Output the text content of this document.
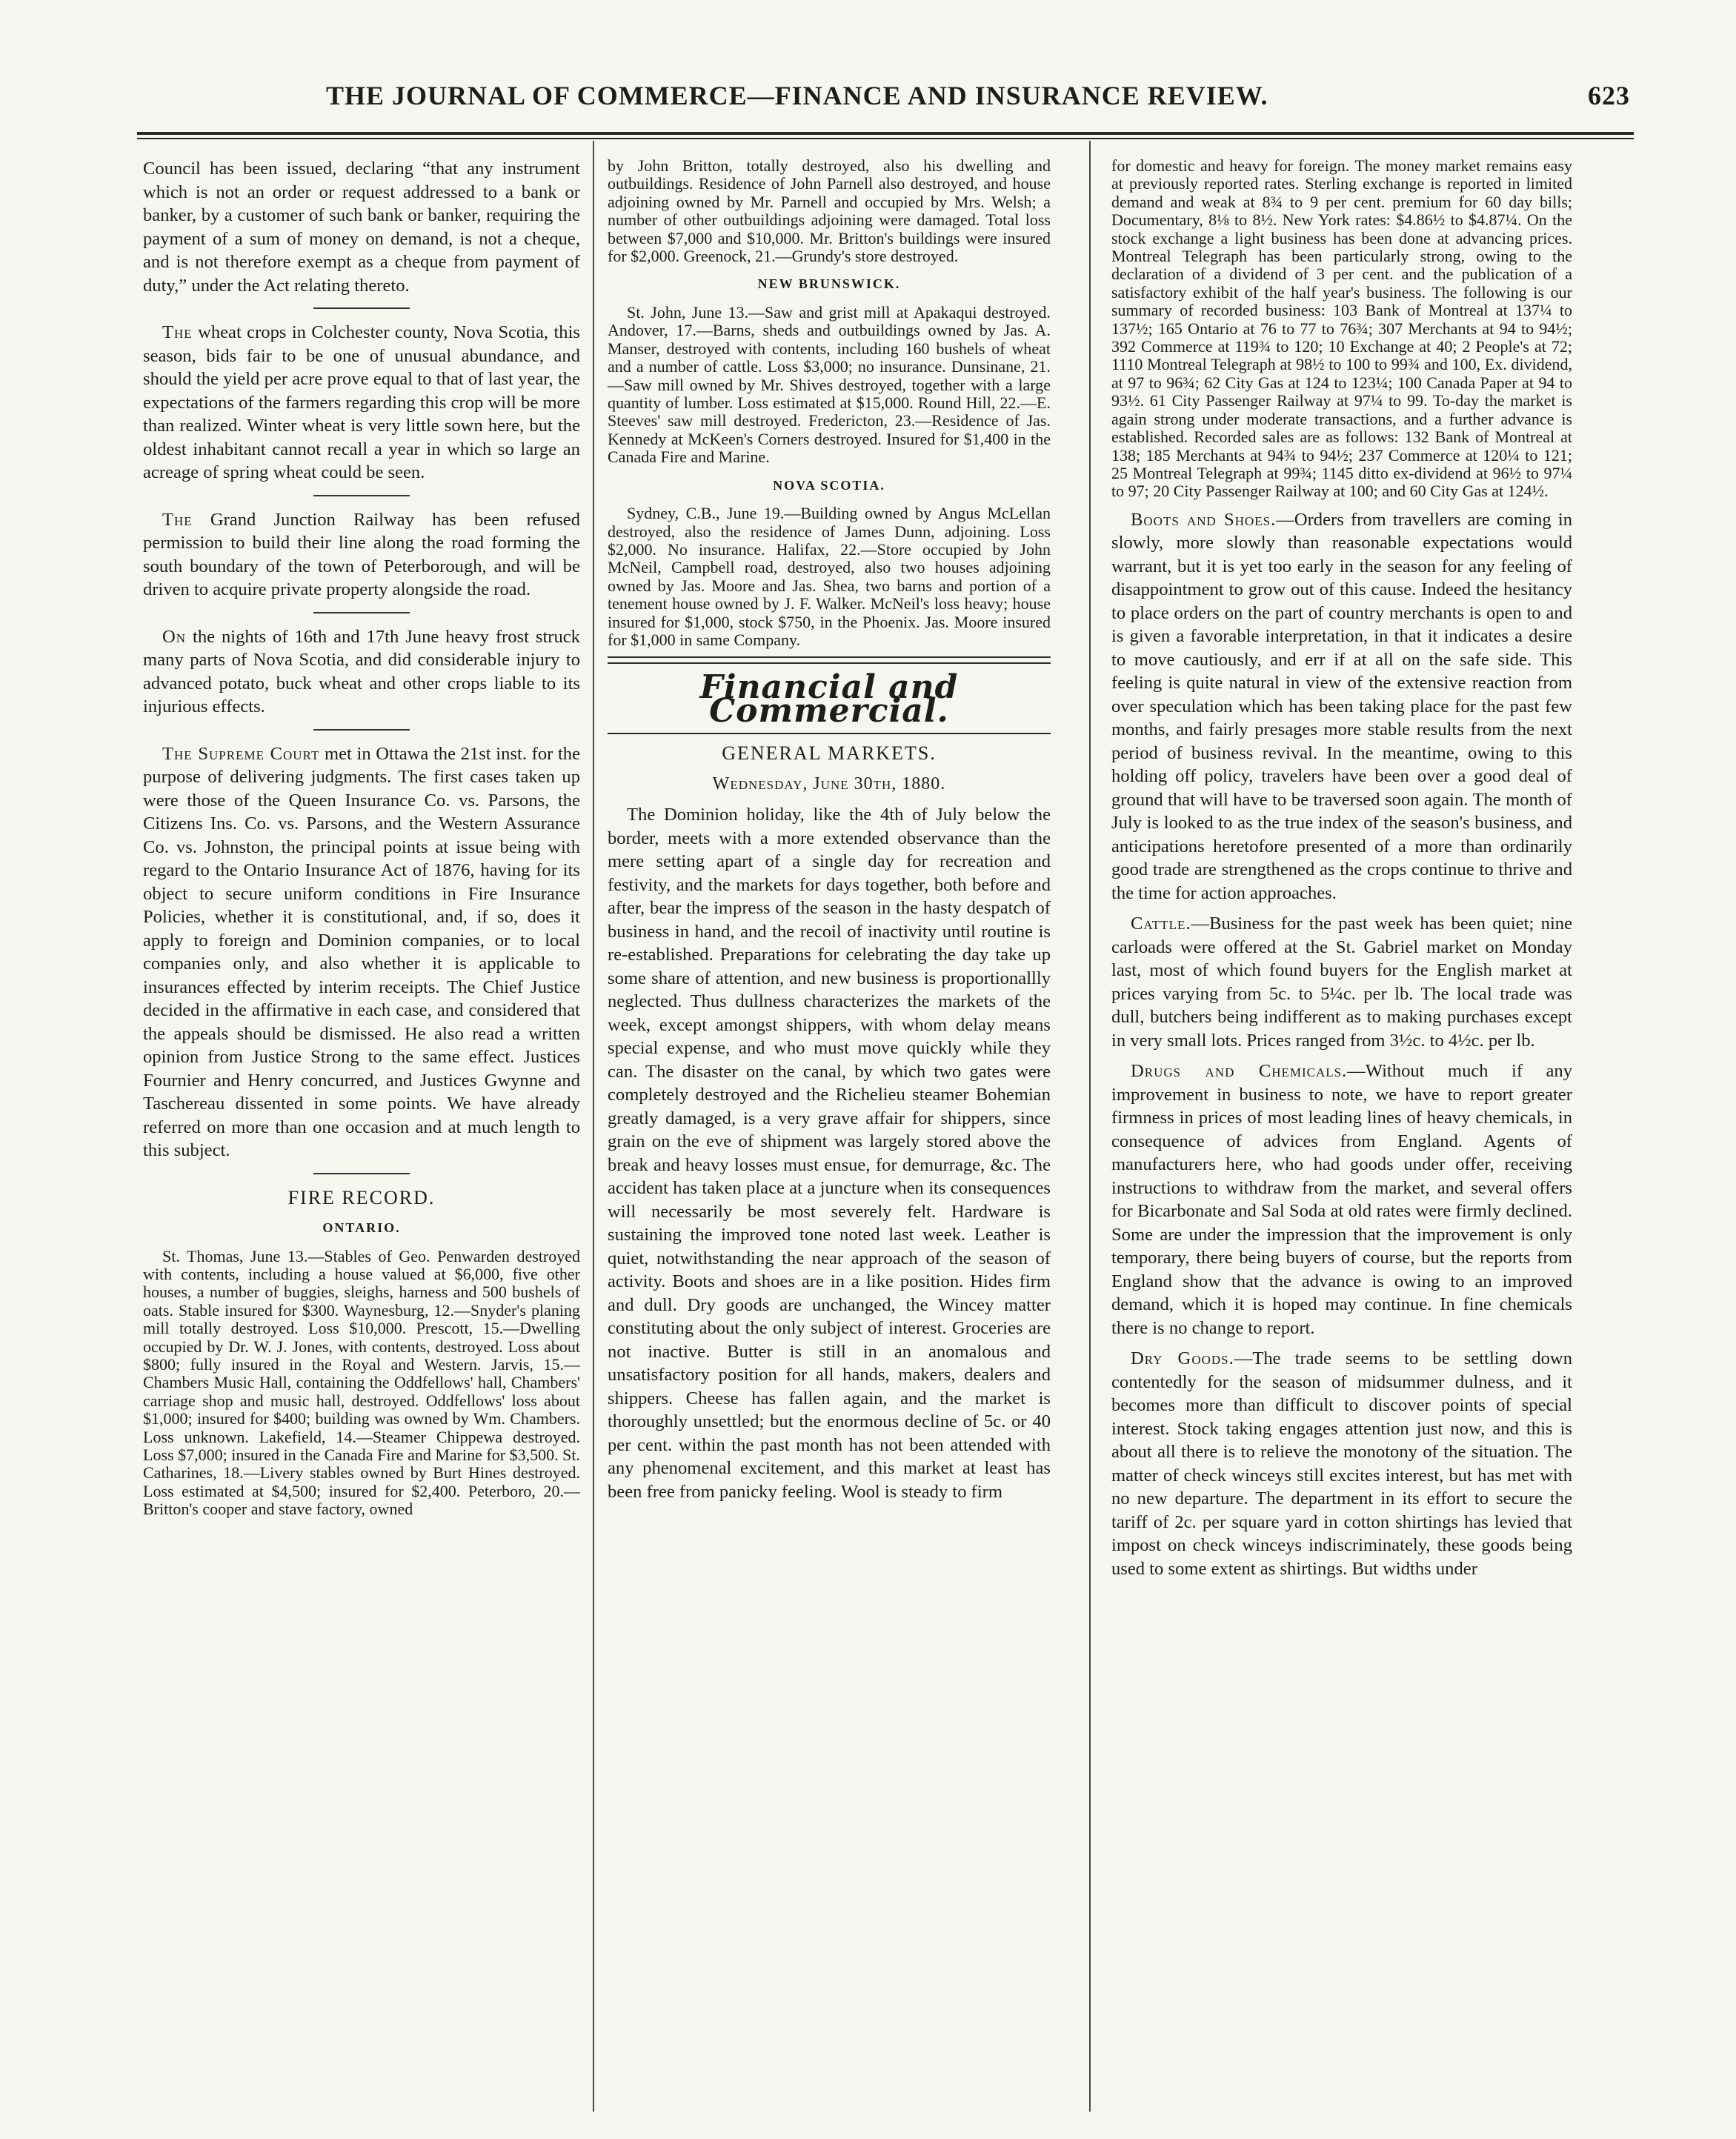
THE JOURNAL OF COMMERCE—FINANCE AND INSURANCE REVIEW.	623

Council has been issued, declaring “that any instrument which is not an order or request addressed to a bank or banker, by a customer of such bank or banker, requiring the payment of a sum of money on demand, is not a cheque, and is not therefore exempt as a cheque from payment of duty,” under the Act relating thereto.

The wheat crops in Colchester county, Nova Scotia, this season, bids fair to be one of unusual abundance, and should the yield per acre prove equal to that of last year, the expectations of the farmers regarding this crop will be more than realized. Winter wheat is very little sown here, but the oldest inhabitant cannot recall a year in which so large an acreage of spring wheat could be seen.

The Grand Junction Railway has been refused permission to build their line along the road forming the south boundary of the town of Peterborough, and will be driven to acquire private property alongside the road.

On the nights of 16th and 17th June heavy frost struck many parts of Nova Scotia, and did considerable injury to advanced potato, buck wheat and other crops liable to its injurious effects.

The Supreme Court met in Ottawa the 21st inst. for the purpose of delivering judgments. The first cases taken up were those of the Queen Insurance Co. vs. Parsons, the Citizens Ins. Co. vs. Parsons, and the Western Assurance Co. vs. Johnston, the principal points at issue being with regard to the Ontario Insurance Act of 1876, having for its object to secure uniform conditions in Fire Insurance Policies, whether it is constitutional, and, if so, does it apply to foreign and Dominion companies, or to local companies only, and also whether it is applicable to insurances effected by interim receipts. The Chief Justice decided in the affirmative in each case, and considered that the appeals should be dismissed. He also read a written opinion from Justice Strong to the same effect. Justices Fournier and Henry concurred, and Justices Gwynne and Taschereau dissented in some points. We have already referred on more than one occasion and at much length to this subject.

FIRE RECORD.
ONTARIO.

St. Thomas, June 13.—Stables of Geo. Penwarden destroyed with contents, including a house valued at $6,000, five other houses, a number of buggies, sleighs, harness and 500 bushels of oats. Stable insured for $300. Waynesburg, 12.—Snyder's planing mill totally destroyed. Loss $10,000. Prescott, 15.—Dwelling occupied by Dr. W. J. Jones, with contents, destroyed. Loss about $800; fully insured in the Royal and Western. Jarvis, 15.—Chambers Music Hall, containing the Oddfellows' hall, Chambers' carriage shop and music hall, destroyed. Oddfellows' loss about $1,000; insured for $400; building was owned by Wm. Chambers. Loss unknown. Lakefield, 14.—Steamer Chippewa destroyed. Loss $7,000; insured in the Canada Fire and Marine for $3,500. St. Catharines, 18.—Livery stables owned by Burt Hines destroyed. Loss estimated at $4,500; insured for $2,400. Peterboro, 20.—Britton's cooper and stave factory, owned

by John Britton, totally destroyed, also his dwelling and outbuildings. Residence of John Parnell also destroyed, and house adjoining owned by Mr. Parnell and occupied by Mrs. Welsh; a number of other outbuildings adjoining were damaged. Total loss between $7,000 and $10,000. Mr. Britton's buildings were insured for $2,000. Greenock, 21.—Grundy's store destroyed.

NEW BRUNSWICK.

St. John, June 13.—Saw and grist mill at Apakaqui destroyed. Andover, 17.—Barns, sheds and outbuildings owned by Jas. A. Manser, destroyed with contents, including 160 bushels of wheat and a number of cattle. Loss $3,000; no insurance. Dunsinane, 21.—Saw mill owned by Mr. Shives destroyed, together with a large quantity of lumber. Loss estimated at $15,000. Round Hill, 22.—E. Steeves' saw mill destroyed. Fredericton, 23.—Residence of Jas. Kennedy at McKeen's Corners destroyed. Insured for $1,400 in the Canada Fire and Marine.

NOVA SCOTIA.

Sydney, C.B., June 19.—Building owned by Angus McLellan destroyed, also the residence of James Dunn, adjoining. Loss $2,000. No insurance. Halifax, 22.—Store occupied by John McNeil, Campbell road, destroyed, also two houses adjoining owned by Jas. Moore and Jas. Shea, two barns and portion of a tenement house owned by J. F. Walker. McNeil's loss heavy; house insured for $1,000, stock $750, in the Phoenix. Jas. Moore insured for $1,000 in same Company.

Financial and Commercial.
GENERAL MARKETS.
Wednesday, June 30th, 1880.

The Dominion holiday, like the 4th of July below the border, meets with a more extended observance than the mere setting apart of a single day for recreation and festivity, and the markets for days together, both before and after, bear the impress of the season in the hasty despatch of business in hand, and the recoil of inactivity until routine is re-established. Preparations for celebrating the day take up some share of attention, and new business is proportionallly neglected. Thus dullness characterizes the markets of the week, except amongst shippers, with whom delay means special expense, and who must move quickly while they can. The disaster on the canal, by which two gates were completely destroyed and the Richelieu steamer Bohemian greatly damaged, is a very grave affair for shippers, since grain on the eve of shipment was largely stored above the break and heavy losses must ensue, for demurrage, &c. The accident has taken place at a juncture when its consequences will necessarily be most severely felt. Hardware is sustaining the improved tone noted last week. Leather is quiet, notwithstanding the near approach of the season of activity. Boots and shoes are in a like position. Hides firm and dull. Dry goods are unchanged, the Wincey matter constituting about the only subject of interest. Groceries are not inactive. Butter is still in an anomalous and unsatisfactory position for all hands, makers, dealers and shippers. Cheese has fallen again, and the market is thoroughly unsettled; but the enormous decline of 5c. or 40 per cent. within the past month has not been attended with any phenomenal excitement, and this market at least has been free from panicky feeling. Wool is steady to firm

for domestic and heavy for foreign. The money market remains easy at previously reported rates. Sterling exchange is reported in limited demand and weak at 8¾ to 9 per cent. premium for 60 day bills; Documentary, 8⅛ to 8½. New York rates: $4.86½ to $4.87¼. On the stock exchange a light business has been done at advancing prices. Montreal Telegraph has been particularly strong, owing to the declaration of a dividend of 3 per cent. and the publication of a satisfactory exhibit of the half year's business. The following is our summary of recorded business: 103 Bank of Montreal at 137¼ to 137½; 165 Ontario at 76 to 77 to 76¾; 307 Merchants at 94 to 94½; 392 Commerce at 119¾ to 120; 10 Exchange at 40; 2 People's at 72; 1110 Montreal Telegraph at 98½ to 100 to 99¾ and 100, Ex. dividend, at 97 to 96¾; 62 City Gas at 124 to 123¼; 100 Canada Paper at 94 to 93½. 61 City Passenger Railway at 97¼ to 99. To-day the market is again strong under moderate transactions, and a further advance is established. Recorded sales are as follows: 132 Bank of Montreal at 138; 185 Merchants at 94¾ to 94½; 237 Commerce at 120¼ to 121; 25 Montreal Telegraph at 99¾; 1145 ditto ex-dividend at 96½ to 97¼ to 97; 20 City Passenger Railway at 100; and 60 City Gas at 124½.

Boots and Shoes.—Orders from travellers are coming in slowly, more slowly than reasonable expectations would warrant, but it is yet too early in the season for any feeling of disappointment to grow out of this cause. Indeed the hesitancy to place orders on the part of country merchants is open to and is given a favorable interpretation, in that it indicates a desire to move cautiously, and err if at all on the safe side. This feeling is quite natural in view of the extensive reaction from over speculation which has been taking place for the past few months, and fairly presages more stable results from the next period of business revival. In the meantime, owing to this holding off policy, travelers have been over a good deal of ground that will have to be traversed soon again. The month of July is looked to as the true index of the season's business, and anticipations heretofore presented of a more than ordinarily good trade are strengthened as the crops continue to thrive and the time for action approaches.

Cattle.—Business for the past week has been quiet; nine carloads were offered at the St. Gabriel market on Monday last, most of which found buyers for the English market at prices varying from 5c. to 5¼c. per lb. The local trade was dull, butchers being indifferent as to making purchases except in very small lots. Prices ranged from 3½c. to 4½c. per lb.

Drugs and Chemicals.—Without much if any improvement in business to note, we have to report greater firmness in prices of most leading lines of heavy chemicals, in consequence of advices from England. Agents of manufacturers here, who had goods under offer, receiving instructions to withdraw from the market, and several offers for Bicarbonate and Sal Soda at old rates were firmly declined. Some are under the impression that the improvement is only temporary, there being buyers of course, but the reports from England show that the advance is owing to an improved demand, which it is hoped may continue. In fine chemicals there is no change to report.

Dry Goods.—The trade seems to be settling down contentedly for the season of midsummer dulness, and it becomes more than difficult to discover points of special interest. Stock taking engages attention just now, and this is about all there is to relieve the monotony of the situation. The matter of check winceys still excites interest, but has met with no new departure. The department in its effort to secure the tariff of 2c. per square yard in cotton shirtings has levied that impost on check winceys indiscriminately, these goods being used to some extent as shirtings. But widths under
